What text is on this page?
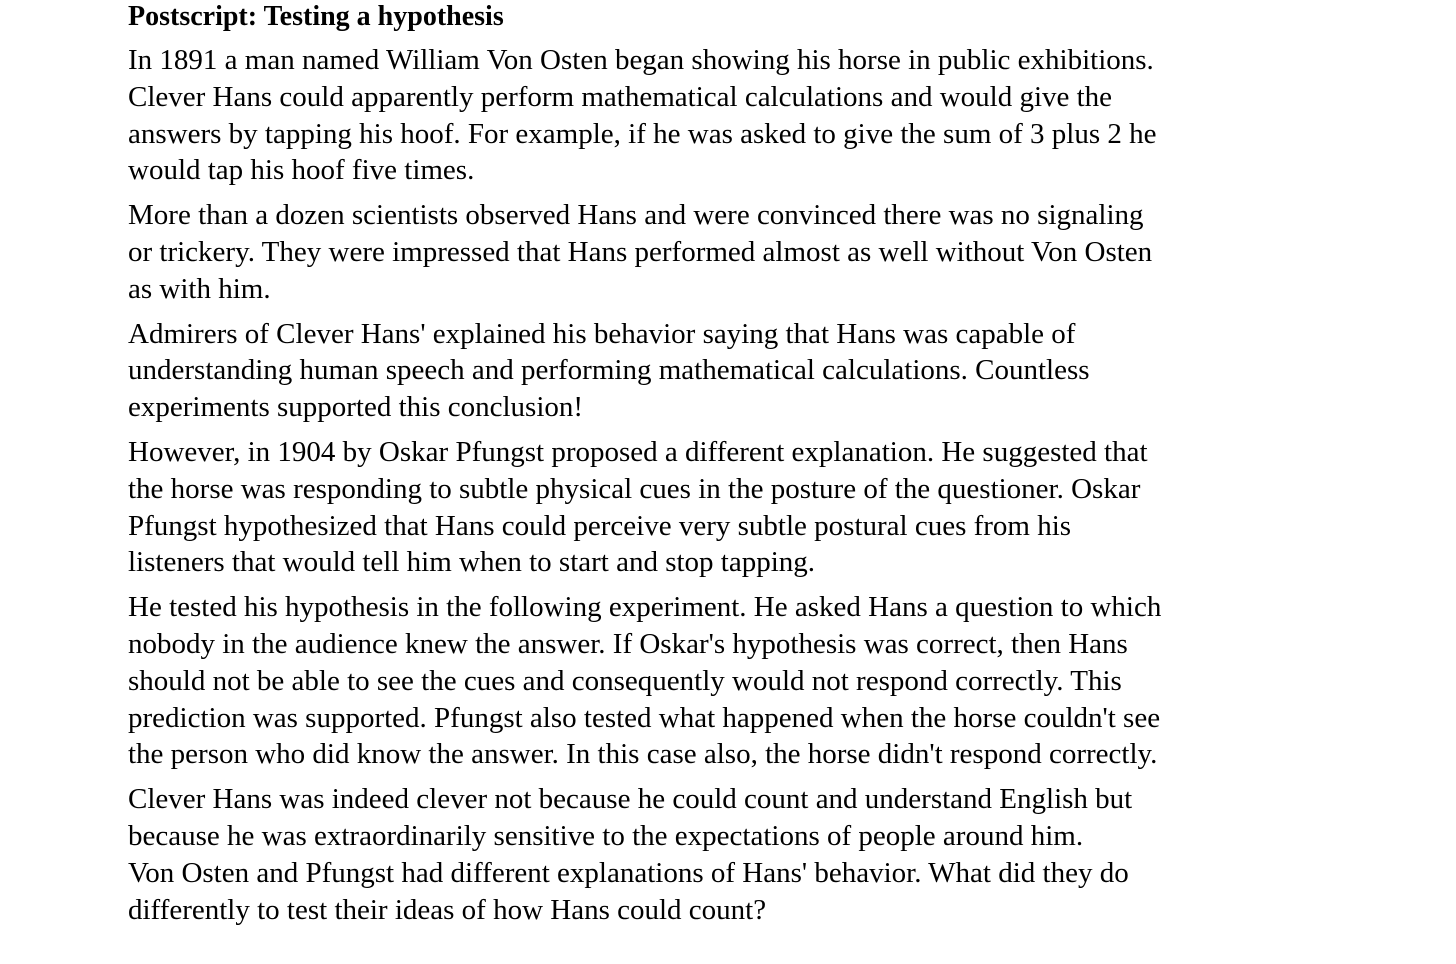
Postscript: Testing a hypothesis

In 1891 a man named William Von Osten began showing his horse in public exhibitions.
Clever Hans could apparently perform mathematical calculations and would give the
answers by tapping his hoof. For example, if he was asked to give the sum of 3 plus 2 he
would tap his hoof five times.

More than a dozen scientists observed Hans and were convinced there was no signaling
or trickery. They were impressed that Hans performed almost as well without Von Osten
as with him.

Admirers of Clever Hans' explained his behavior saying that Hans was capable of
understanding human speech and performing mathematical calculations. Countless
experiments supported this conclusion!

However, in 1904 by Oskar Pfungst proposed a different explanation. He suggested that
the horse was responding to subtle physical cues in the posture of the questioner. Oskar
Pfungst hypothesized that Hans could perceive very subtle postural cues from his
listeners that would tell him when to start and stop tapping.

He tested his hypothesis in the following experiment. He asked Hans a question to which
nobody in the audience knew the answer. If Oskar's hypothesis was correct, then Hans
should not be able to see the cues and consequently would not respond correctly. This
prediction was supported. Pfungst also tested what happened when the horse couldn't see
the person who did know the answer. In this case also, the horse didn't respond correctly.

Clever Hans was indeed clever not because he could count and understand English but
because he was extraordinarily sensitive to the expectations of people around him.
Von Osten and Pfungst had different explanations of Hans' behavior. What did they do
differently to test their ideas of how Hans could count?
